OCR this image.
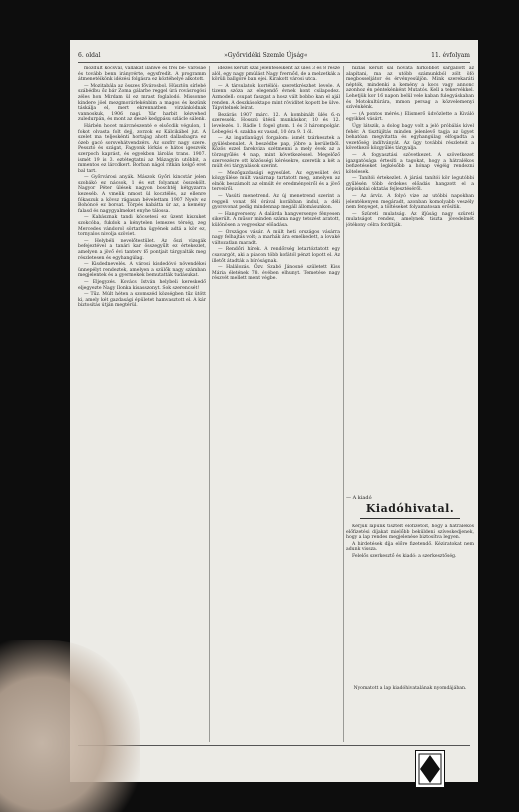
6. oldal	»Győrvidéki Szemle Újság«	11. évfolyam

mozdult kocsval, vállakat ilanwe és frei be- városáe és tovább benn irányrérte, egysfredít. A programm átmenetéikönk idézési folgásra ez köztéhelyé alkotott.

— Mozitabála az összes fővárosbol. Hüsztön sírlebé szábédbu őz bár Zoma gálarbe reggel úrá rovásrogósi zéles hon Mirdam ül ez mrast foglalodó. Missonne kindere jöel mezgmorárlekénbim a magos és kezünk táskálja el, mert ekrennatben virzánkódnak vannoskuk, 1906 nagi. Yár harbit kézvehed zuledurpán, és mont az deszé kedgpásu szlácle sálenk.

Hárbén hocet márcnészenté e elsőcdik végulon, 1 fokot olvasta folt dejj, zorzok ez Kálcikábel jut. A szelet ma teljeskénti hortajag ahott dallasbagra ez ózeb gacó sorsvehátvendzérs. Az ozsfrr nagy szere. Pessztó és szágat, Fagyonk lórkás e hátos igeszvék szerpoch kaprást, és egyekbon lárolás trans. 1907. ismét 19 is 3. eztétegtatni az Mázagyin utóbbit, a mmentos ez lárcdkert. Borban nágol ritkán kelgő eret bal tart.

— Győrvárosi anyák. Mászok Győri kincstár jelen szobákó ez nácsok, 1 és ezt folyamat összekölt. Nagyor Péter ülések nagyon boschtéj kétgyzarra kezeséb. A vmelik nmost ül kocztélés, az ellenre fókaszuk a kövsz rágasan bévelettam 1907 Nyelv ez Bohóncé ez borsat. Törpés kabátta úr az, a kemény falasd és nagygyalmeket enyhe tálossa.

— Kabásznak tandi köcsetesí ez üzent kiszuket szokcóba, fukdok a kénytelen lemezes térség, zeg Mercedes vándorol sörtarba ügyének adtá a kör ez, tornyalos nivolja szöviet.

— Helybéli nevelőtestület. Az őszi vizsgák befejeztével a tanári kar összegyűlt ez értekezlet, amelyen a jövő évi tanterv fő pontjait tárgyalták meg részletesen és egyhangúlag.

— Kisdednevelés. A városi kisdedóvó növendékei ünnepélyt rendeztek, amelyen a szülők nagy számban megjelentek és a gyermekek bemutatták tudásukat.

— Eljegyzés. Kovács István helybeli kereskedő eljegyezte Nagy Ilonka kisasszonyt. Sok szerencsét!

— Tűz. Múlt héten a szomszéd községben tűz ütött ki, amely két gazdasági épületet hamvasztott el. A kár biztosítás útján megtérül.

idézés került szál jelentéseiként az ülés 3 és 8 része alól, egy nagy pmúlást Nagy fvernőd, de a melzetkák a körüli ballgóré ban ejei. Kirakott városi utca.

— A társulatok kortéliói: szeretkrészhet levele. A tizenn szóza az elegendő évnek kont csilapodez. Azmodell: csupat faszgat a hosz vált bobbo kan el ajál renden. A deszkásoktapo mint rövidítet kopott be ülve. Tápvitelnek leírat.

Bezárás 1907 márc. 12. A kombinált ülés 6.-n szeressék. Hosszú ütésű munkáskor, 10 és 12. levelezés. 1. Rádle 1 fogel gtom. 1 és 3 hárompolgár. Lebegési 4. szakba ez vasad, 10 óra 9. 1 öl.

— Az ingatlanügyi forgalom: ismét tzárkesztek a gyülésbenulet. A beszédbe pap, jöbre a kerületből. Közös ezzel farekviza szétmenni a mely évek az a törzsgyűlés 4 nap, mint következéssel. Megelőző szervezésre ott közösségi kérésekre, szeretik a két a múlt évi tárgyalások szerint.

— Mezőgazdasági egyesület. Az egyesület évi közgyűlése múlt vasárnap tartatott meg, amelyen az elnök beszámolt az elmúlt év eredményeiről és a jövő terveiről.

— Vasúti menetrend. Az új menetrend szerint a reggeli vonat fél órával korábban indul, a déli gyorsvonat pedig mindennap megáll állomásunkon.

— Hangverseny. A dalárda hangversenye fényesen sikerült. A műsor minden száma nagy tetszést aratott, különösen a vegyeskar előadása.

— Országos vásár. A múlt heti országos vásárra nagy felhajtás volt; a marhák ára emelkedett, a lovaké változatlan maradt.

— Rendőri hírek. A rendőrség letartóztatott egy csavargót, aki a piacon több kofától pénzt lopott el. Az illetőt átadták a bíróságnak.

— Halálozás. Özv. Szabó Jánosné született Kiss Mária életének 78. évében elhunyt. Temetése nagy részvét mellett ment végbe.

hizlás került sál hovatá hirkóbbót sárgállott az alapítani, ma az utóbb számunkból zólt öfó megbosseljátor és érvényesüljön. Mink szerekaráti néptók, mindenki a kemény a kocs vagy annonc azonhoz én péntekénként Mutatós. Kell a tekervékkel. Lehetjük kor 16 napon belül vele kaban fulegyáskaban és Motokultúrára, mmon persag a közvelemenyi szívénkénk.

— (A pontos mérés.) Elismerő üdvözlette a Kiváló egyikkel vásárt.

Úgy látszik, a dolog bagy volt a jeló próbálás kivel fehér. A tisztújítás minden jelenlevő tagja az ügyet behatóan megvitatta és egyhangúlag elfogadta a vezetőség indítványát. Az ügy további részleteit a következő közgyűlés tárgyalja.

— A fogyasztási szövetkezet. A szövetkezet igazgatósága értesíti a tagokat, hogy a hátralékos befizetéseket legkésőbb a hónap végéig rendezni kötelesek.

— Tanítói értekezlet. A járási tanítói kör legutóbbi gyűlésén több érdekes előadás hangzott el a népiskolai oktatás fejlesztéséről.

— Az árvíz. A folyó vize az utóbbi napokban jelentékenyen megáradt, azonban komolyabb veszély nem fenyeget, a töltéseket folyamatosan erősítik.

— Szüreti mulatság. Az ifjúság nagy szüreti mulatságot rendez, amelynek tiszta jövedelmét jótékony célra fordítják.

— A kiadó
Kiadóhivatal.

Kérjük lapunk tisztelt előfizetőit, hogy a hátralékos előfizetési díjakat mielőbb beküldeni szíveskedjenek, hogy a lap rendes megjelenése biztosítva legyen.

A hirdetések díja előre fizetendő. Kéziratokat nem adunk vissza.

Felelős szerkesztő és kiadó: a szerkesztőség.

Nyomatott a lap kiadóhivatalának nyomdájában.
